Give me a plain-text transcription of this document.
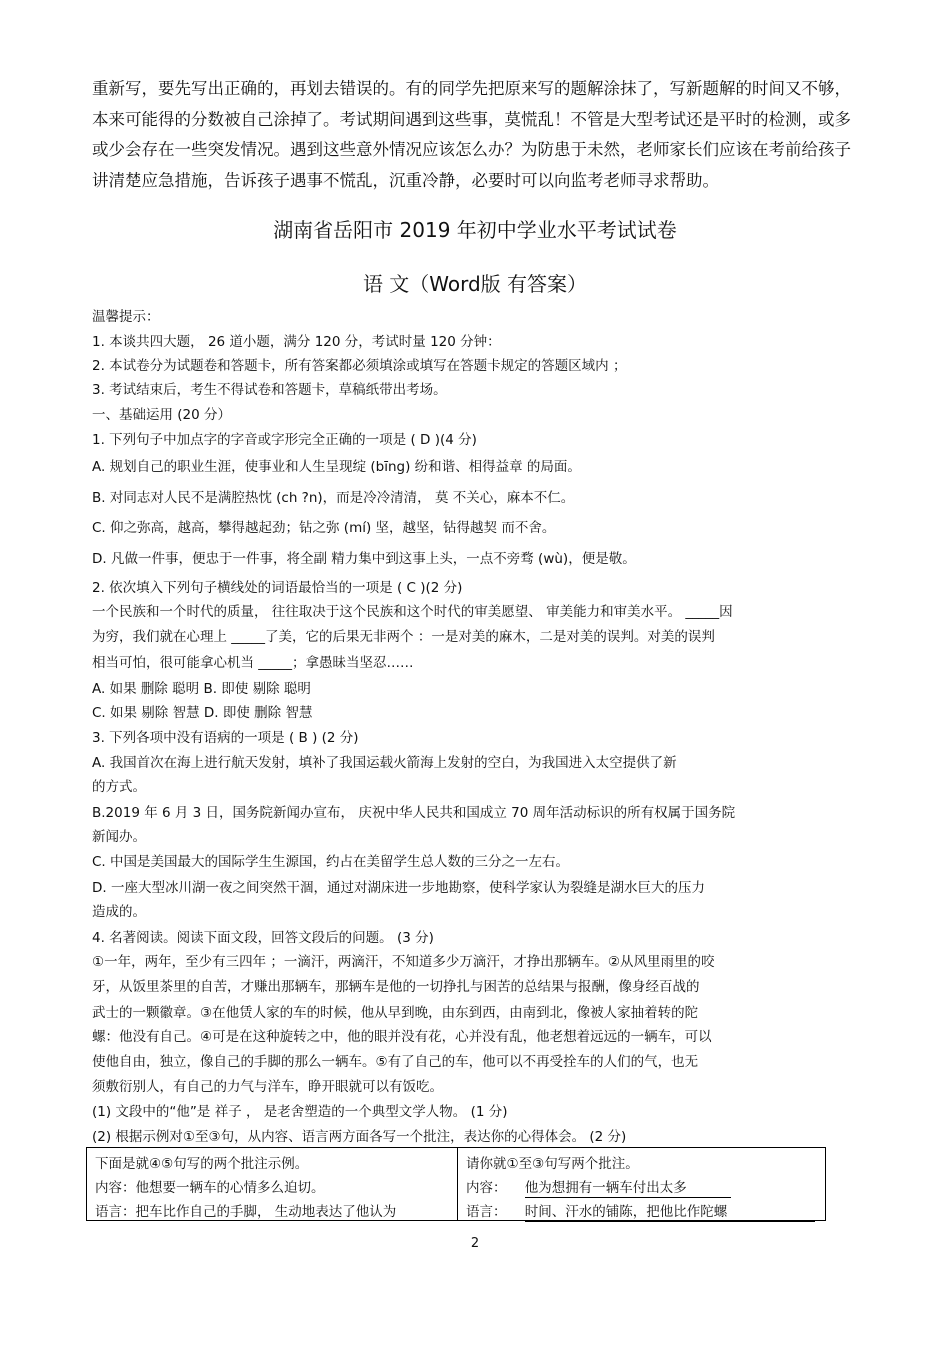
重新写，要先写出正确的，再划去错误的。有的同学先把原来写的题解涂抹了，写新题解的时间又不够，

本来可能得的分数被自己涂掉了。考试期间遇到这些事，莫慌乱！不管是大型考试还是平时的检测，或多

或少会存在一些突发情况。遇到这些意外情况应该怎么办？为防患于未然，老师家长们应该在考前给孩子

讲清楚应急措施，告诉孩子遇事不慌乱，沉重冷静，必要时可以向监考老师寻求帮助。

湖南省岳阳市 2019 年初中学业水平考试试卷
语 文（Word版 有答案）
温馨提示：
1. 本谈共四大题， 26 道小题，满分 120 分，考试时量 120 分钟：
2. 本试卷分为试题卷和答题卡，所有答案都必须填涂或填写在答题卡规定的答题区域内 ；
3. 考试结束后，考生不得试卷和答题卡，草稿纸带出考场。
一、基础运用 (20 分）
1. 下列句子中加点字的字音或字形完全正确的一项是 ( D )(4 分)
A. 规划自己的职业生涯，使事业和人生呈现绽 (bīng) 纷和谐、相得益章 的局面。
B. 对同志对人民不是满腔热忱 (ch ?n)，而是冷冷清清， 莫 不关心，麻本不仁。
C. 仰之弥高，越高，攀得越起劲；钻之弥 (mí) 坚，越坚，钻得越契 而不舍。
D. 凡做一件事，便忠于一件事，将全副 精力集中到这事上头，一点不旁骛 (wù)，便是敬。
2. 依次填入下列句子横线处的词语最恰当的一项是 ( C )(2 分)
一个民族和一个时代的质量， 往往取决于这个民族和这个时代的审美愿望、 审美能力和审美水平。 _____因
为穷，我们就在心理上 _____了美，它的后果无非两个 ：一是对美的麻木，二是对美的误判。对美的误判
相当可怕，很可能拿心机当 _____；拿愚昧当坚忍……
A. 如果 删除 聪明 B. 即使 剔除 聪明
C. 如果 剔除 智慧 D. 即使 删除 智慧
3. 下列各项中没有语病的一项是 ( B ) (2 分)
A. 我国首次在海上进行航天发射，填补了我国运载火箭海上发射的空白，为我国进入太空提供了新
的方式。
B.2019 年 6 月 3 日，国务院新闻办宣布， 庆祝中华人民共和国成立 70 周年活动标识的所有权属于国务院
新闻办。
C. 中国是美国最大的国际学生生源国，约占在美留学生总人数的三分之一左右。
D. 一座大型冰川湖一夜之间突然干涸，通过对湖床进一步地勘察，使科学家认为裂缝是湖水巨大的压力
造成的。
4. 名著阅读。阅读下面文段，回答文段后的问题。 (3 分)
①一年，两年，至少有三四年 ；一滴汗，两滴汗，不知道多少万滴汗，才挣出那辆车。②从风里雨里的咬
牙，从饭里茶里的自苦，才赚出那辆车，那辆车是他的一切挣扎与困苦的总结果与报酬，像身经百战的
武士的一颗徽章。③在他赁人家的车的时候，他从早到晚，由东到西，由南到北，像被人家抽着转的陀
螺：他没有自己。④可是在这种旋转之中，他的眼并没有花，心并没有乱，他老想着远远的一辆车，可以
使他自由，独立，像自己的手脚的那么一辆车。⑤有了自己的车，他可以不再受拴车的人们的气，也无
须敷衍别人，有自己的力气与洋车，睁开眼就可以有饭吃。
(1) 文段中的“他”是 祥子 ， 是老舍塑造的一个典型文学人物。 (1 分)
(2) 根据示例对①至③句，从内容、语言两方面各写一个批注，表达你的心得体会。 (2 分)
下面是就④⑤句写的两个批注示例。
内容：他想要一辆车的心情多么迫切。
语言：把车比作自己的手脚， 生动地表达了他认为
请你就①至③句写两个批注。
内容： 他为想拥有一辆车付出太多
语言： 时间、汗水的铺陈，把他比作陀螺
2
